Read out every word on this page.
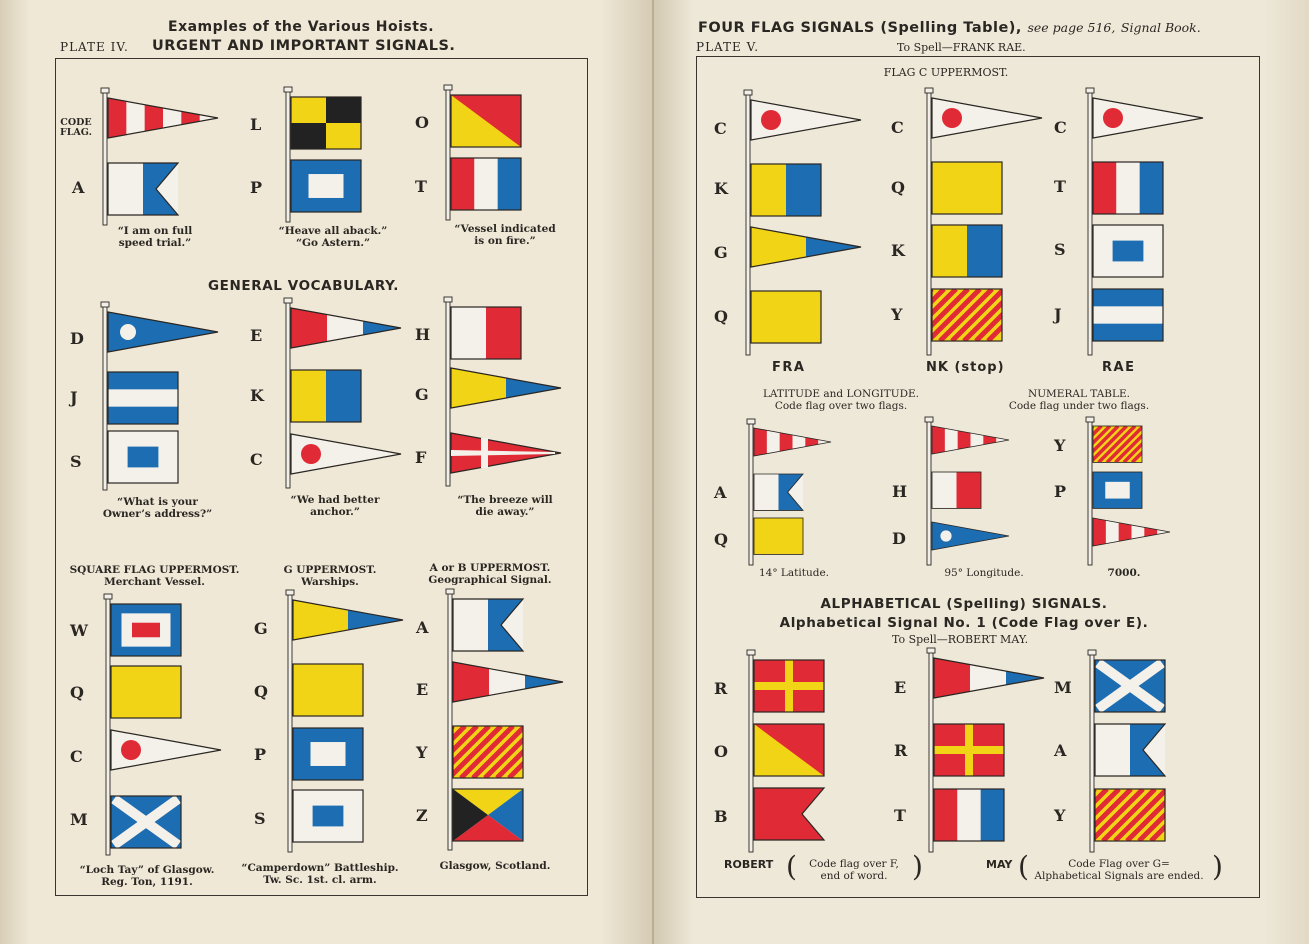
Examples of the Various Hoists.
PLATE IV. URGENT AND IMPORTANT SIGNALS.
CODE
FLAG.
A
L
P
O
T
“I am on full
speed trial.”
“Heave all aback.”
“Go Astern.”
“Vessel indicated
is on fire.”
GENERAL VOCABULARY.
D
J
S
E
K
C
H
G
F
“What is your
Owner’s address?”
“We had better
anchor.”
“The breeze will
die away.”
SQUARE FLAG UPPERMOST.
Merchant Vessel.
G UPPERMOST.
Warships.
A or B UPPERMOST.
Geographical Signal.
W
Q
C
M
G
Q
P
S
A
E
Y
Z
“Loch Tay” of Glasgow.
Reg. Ton, 1191.
“Camperdown” Battleship.
Tw. Sc. 1st. cl. arm.
Glasgow, Scotland.
FOUR FLAG SIGNALS (Spelling Table), see page 516, Signal Book.
PLATE V.	To Spell—FRANK RAE.
FLAG C UPPERMOST.
C
K
G
Q
C
Q
K
Y
C
T
S
J
FRA	NK (stop)	RAE
LATITUDE and LONGITUDE.
Code flag over two flags.
NUMERAL TABLE.
Code flag under two flags.
A
Q
H
D
Y
P
14° Latitude.	95° Longitude.	7000.
ALPHABETICAL (Spelling) SIGNALS.
Alphabetical Signal No. 1 (Code Flag over E).
To Spell—ROBERT MAY.
R
O
B
E
R
T
M
A
Y
ROBERT (	Code flag over F,
end of word. )	MAY (	Code Flag over G=
Alphabetical Signals are ended. )
